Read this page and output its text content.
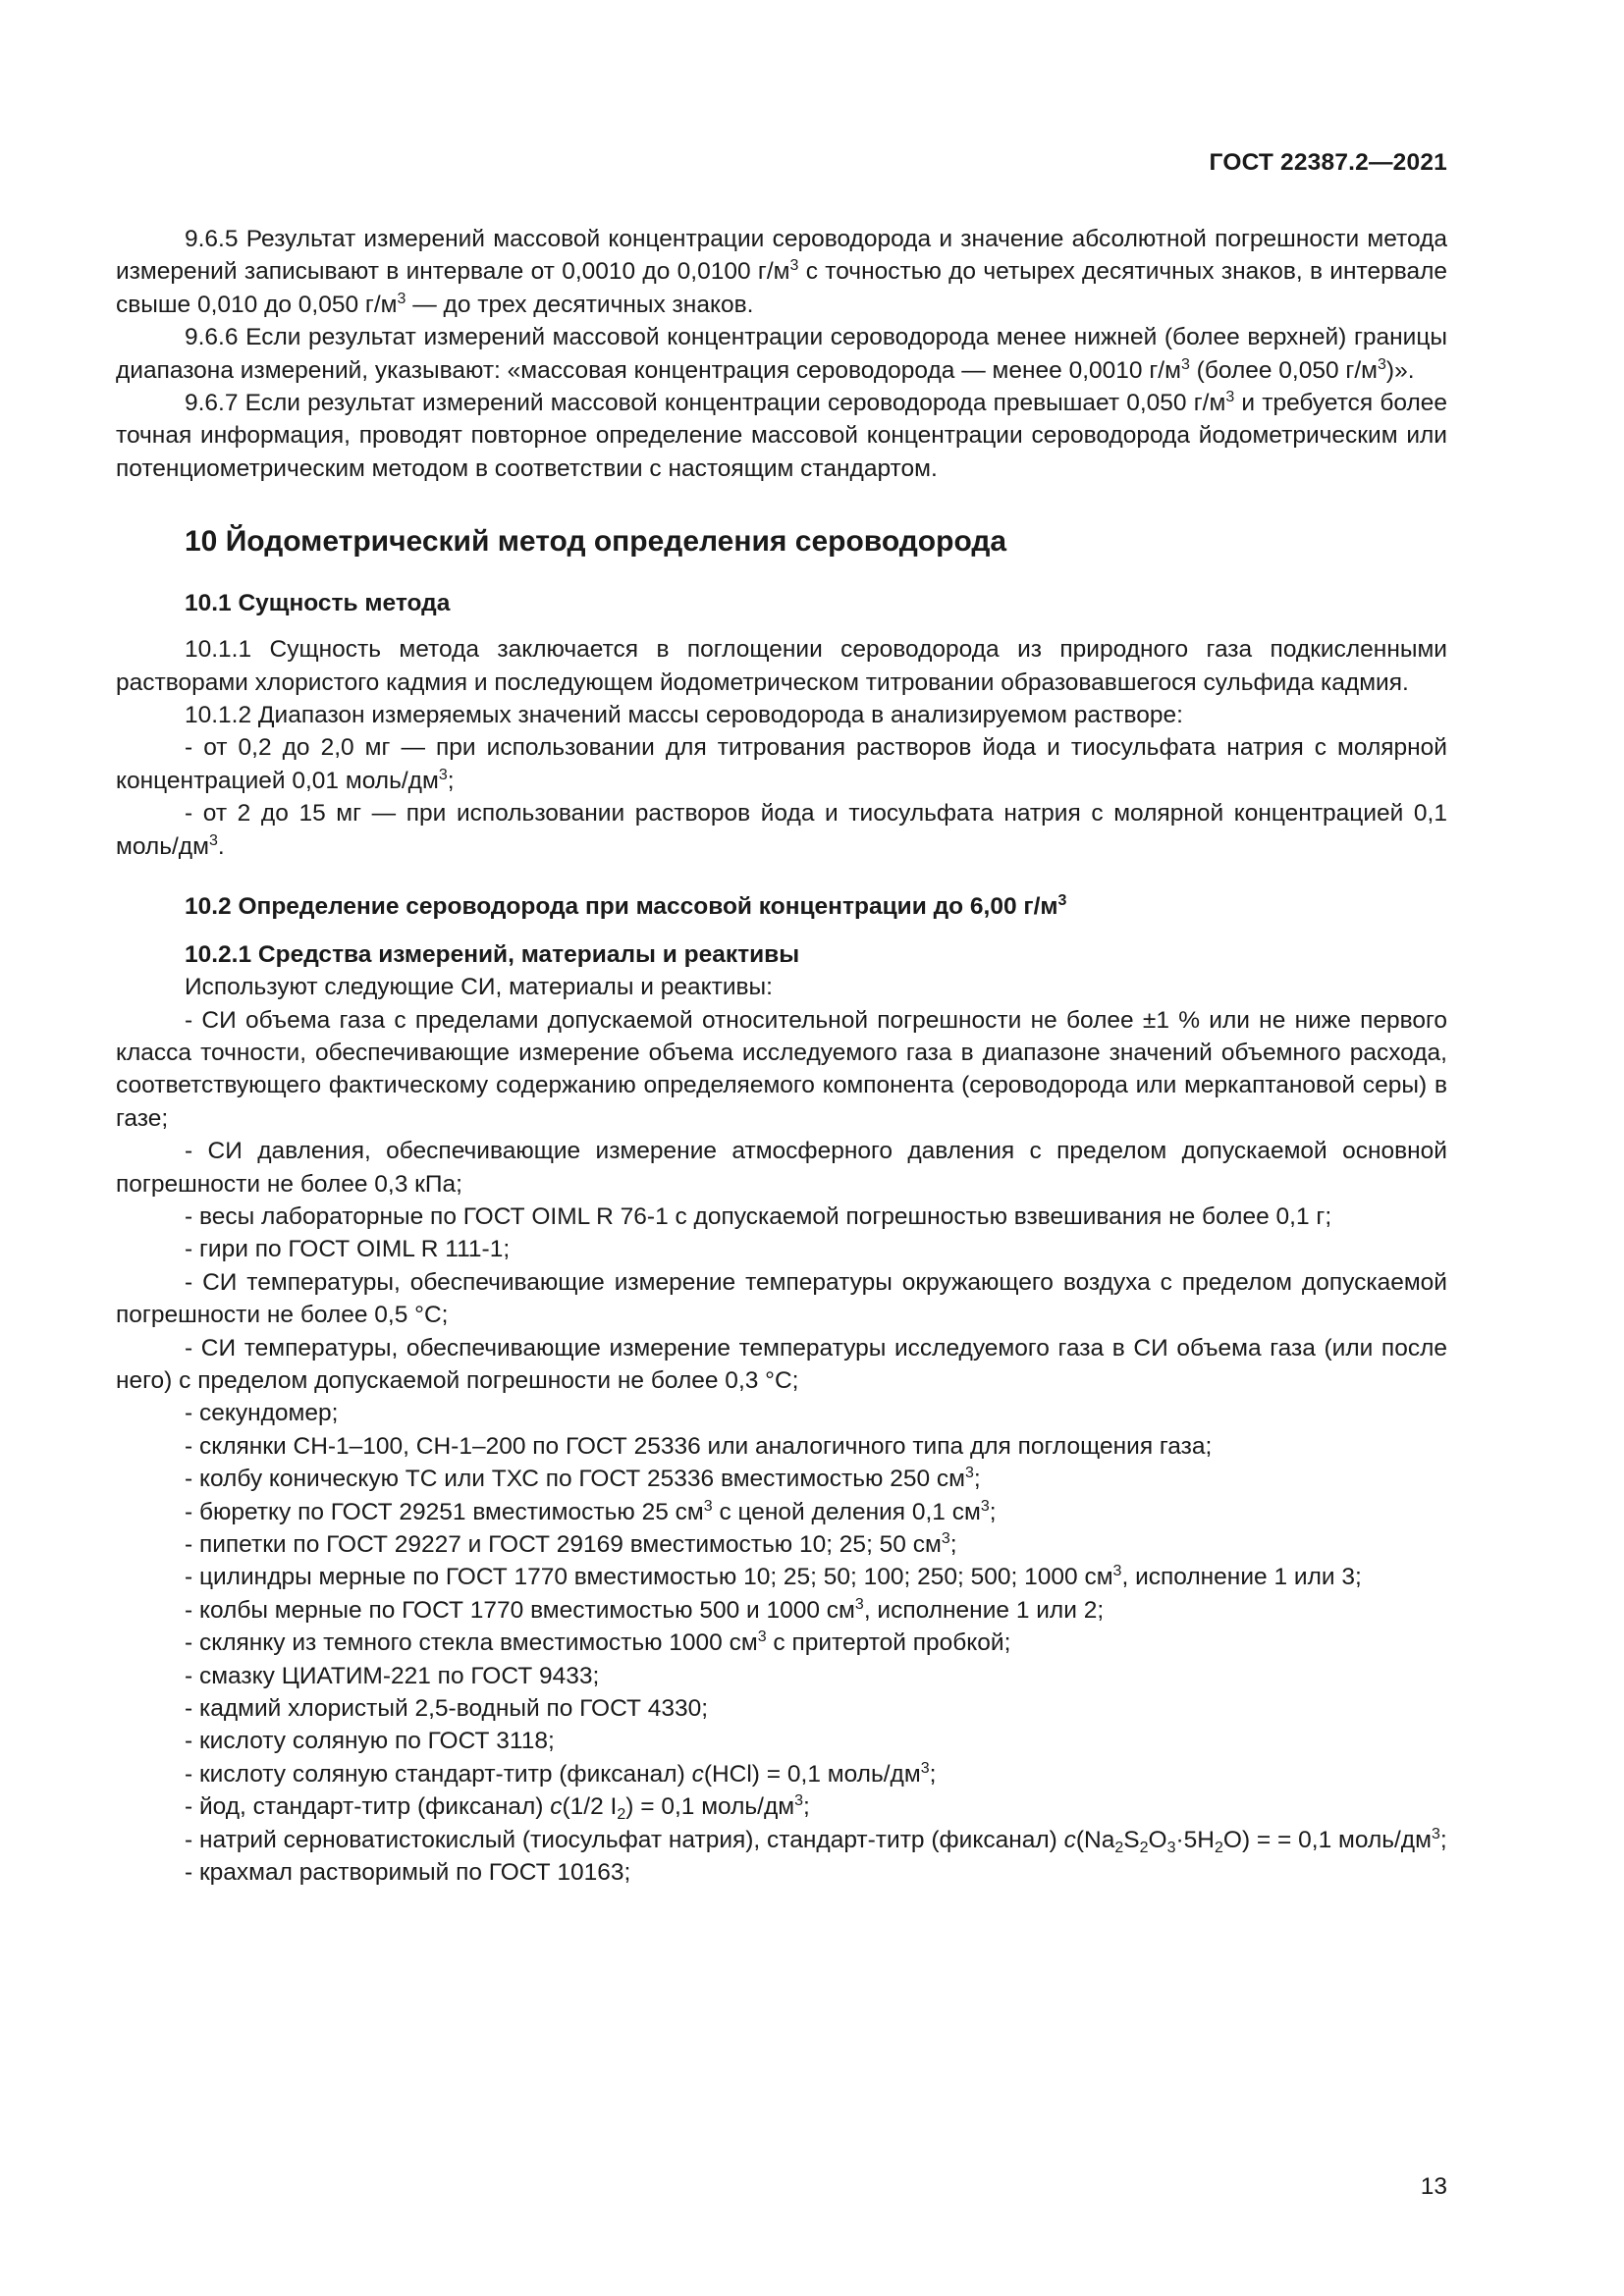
ГОСТ 22387.2—2021

9.6.5 Результат измерений массовой концентрации сероводорода и значение абсолютной погрешности метода измерений записывают в интервале от 0,0010 до 0,0100 $г/м^3$ с точностью до четырех десятичных знаков, в интервале свыше 0,010 до 0,050 $г/м^3$ — до трех десятичных знаков.

9.6.6 Если результат измерений массовой концентрации сероводорода менее нижней (более верхней) границы диапазона измерений, указывают: «массовая концентрация сероводорода — менее 0,0010 $г/м^3$ (более 0,050 $г/м^3$)».

9.6.7 Если результат измерений массовой концентрации сероводорода превышает 0,050 $г/м^3$ и требуется более точная информация, проводят повторное определение массовой концентрации сероводорода йодометрическим или потенциометрическим методом в соответствии с настоящим стандартом.

10 Йодометрический метод определения сероводорода
10.1 Сущность метода

10.1.1 Сущность метода заключается в поглощении сероводорода из природного газа подкисленными растворами хлористого кадмия и последующем йодометрическом титровании образовавшегося сульфида кадмия.

10.1.2 Диапазон измеряемых значений массы сероводорода в анализируемом растворе:

- от 0,2 до 2,0 мг — при использовании для титрования растворов йода и тиосульфата натрия с молярной концентрацией 0,01 моль/$дм^3$;

- от 2 до 15 мг — при использовании растворов йода и тиосульфата натрия с молярной концентрацией 0,1 моль/$дм^3$.

10.2 Определение сероводорода при массовой концентрации до 6,00 $г/м^3$
10.2.1 Средства измерений, материалы и реактивы

Используют следующие СИ, материалы и реактивы:

- СИ объема газа с пределами допускаемой относительной погрешности не более ±1 % или не ниже первого класса точности, обеспечивающие измерение объема исследуемого газа в диапазоне значений объемного расхода, соответствующего фактическому содержанию определяемого компонента (сероводорода или меркаптановой серы) в газе;

- СИ давления, обеспечивающие измерение атмосферного давления с пределом допускаемой основной погрешности не более 0,3 кПа;

- весы лабораторные по ГОСТ OIML R 76-1 с допускаемой погрешностью взвешивания не более 0,1 г;

- гири по ГОСТ OIML R 111-1;

- СИ температуры, обеспечивающие измерение температуры окружающего воздуха с пределом допускаемой погрешности не более 0,5 °С;

- СИ температуры, обеспечивающие измерение температуры исследуемого газа в СИ объема газа (или после него) с пределом допускаемой погрешности не более 0,3 °С;

- секундомер;

- склянки СН-1–100, СН-1–200 по ГОСТ 25336 или аналогичного типа для поглощения газа;

- колбу коническую ТС или ТХС по ГОСТ 25336 вместимостью 250 $см^3$;

- бюретку по ГОСТ 29251 вместимостью 25 $см^3$ с ценой деления 0,1 $см^3$;

- пипетки по ГОСТ 29227 и ГОСТ 29169 вместимостью 10; 25; 50 $см^3$;

- цилиндры мерные по ГОСТ 1770 вместимостью 10; 25; 50; 100; 250; 500; 1000 $см^3$, исполнение 1 или 3;

- колбы мерные по ГОСТ 1770 вместимостью 500 и 1000 $см^3$, исполнение 1 или 2;

- склянку из темного стекла вместимостью 1000 $см^3$ с притертой пробкой;

- смазку ЦИАТИМ-221 по ГОСТ 9433;

- кадмий хлористый 2,5-водный по ГОСТ 4330;

- кислоту соляную по ГОСТ 3118;

- кислоту соляную стандарт-титр (фиксанал) c(HCl) = 0,1 моль/$дм^3$;

- йод, стандарт-титр (фиксанал) c(1/2 $I_2) = 0,1$ моль/$дм^3$;

- натрий серноватистокислый (тиосульфат натрия), стандарт-титр (фиксанал) $c(Na_2S_2O_3\cdot 5H_2O)$ = = 0,1 моль/$дм^3$;

- крахмал растворимый по ГОСТ 10163;

13
